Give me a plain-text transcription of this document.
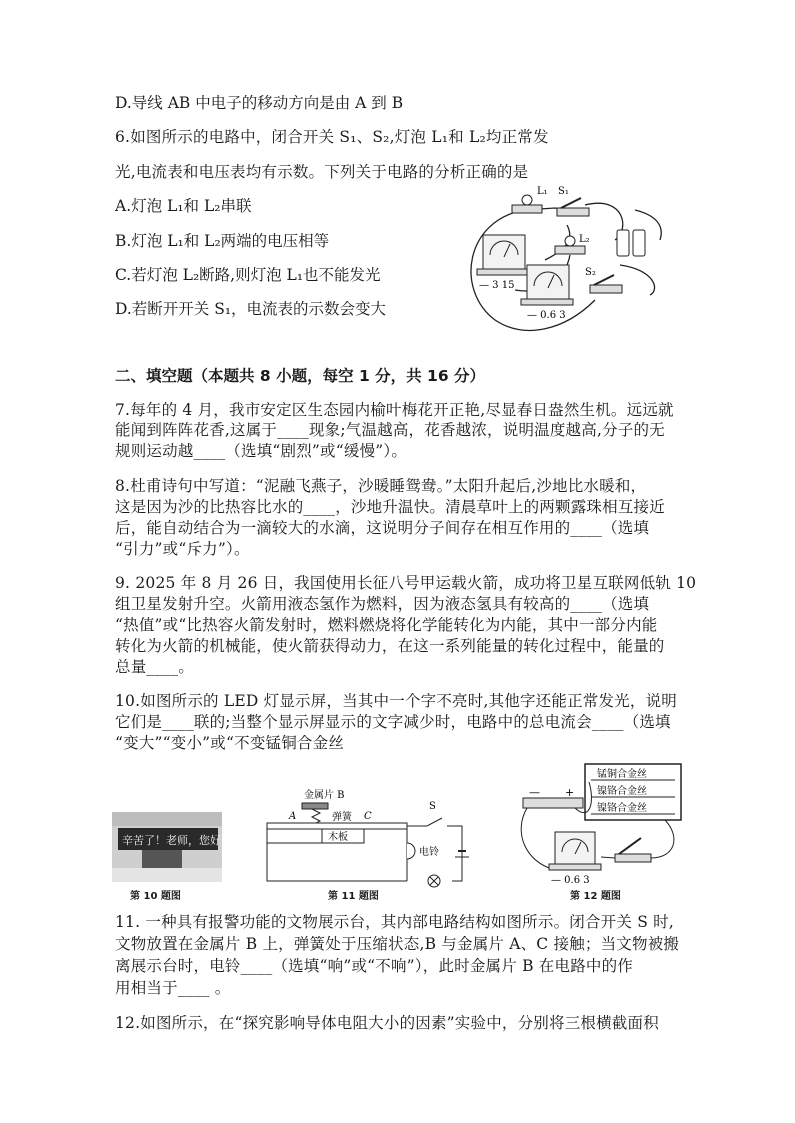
D.导线 AB 中电子的移动方向是由 A 到 B
6.如图所示的电路中，闭合开关 S₁、S₂,灯泡 L₁和 L₂均正常发
光,电流表和电压表均有示数。下列关于电路的分析正确的是
A.灯泡 L₁和 L₂串联
B.灯泡 L₁和 L₂两端的电压相等
C.若灯泡 L₂断路,则灯泡 L₁也不能发光
D.若断开开关 S₁，电流表的示数会变大
L₁ S₁
— 3 15
L₂
— 0.6 3
S₂
二、填空题（本题共 8 小题，每空 1 分，共 16 分）
7.每年的 4 月，我市安定区生态园内榆叶梅花开正艳,尽显春日盎然生机。远远就
能闻到阵阵花香,这属于____现象;气温越高，花香越浓，说明温度越高,分子的无
规则运动越____（选填“剧烈”或“缓慢”）。
8.杜甫诗句中写道：“泥融飞燕子，沙暖睡鸳鸯。”太阳升起后,沙地比水暖和，
这是因为沙的比热容比水的____，沙地升温快。清晨草叶上的两颗露珠相互接近
后，能自动结合为一滴较大的水滴，这说明分子间存在相互作用的____（选填
“引力”或“斥力”）。
9. 2025 年 8 月 26 日，我国使用长征八号甲运载火箭，成功将卫星互联网低轨 10
组卫星发射升空。火箭用液态氢作为燃料，因为液态氢具有较高的____（选填
“热值”或“比热容火箭发射时，燃料燃烧将化学能转化为内能，其中一部分内能
转化为火箭的机械能，使火箭获得动力，在这一系列能量的转化过程中，能量的
总量____。
10.如图所示的 LED 灯显示屏，当其中一个字不亮时,其他字还能正常发光，说明
它们是____联的;当整个显示屏显示的文字减少时，电路中的总电流会____（选填
“变大”“变小”或“不变锰铜合金丝
辛苦了！老师，您好
第 10 题图
金属片 B
弹簧
A	C
木板
S
电铃
第 11 题图
锰铜合金丝
镍铬合金丝
镍铬合金丝
— +
— 0.6 3
第 12 题图
11. 一种具有报警功能的文物展示台，其内部电路结构如图所示。闭合开关 S 时,
文物放置在金属片 B 上，弹簧处于压缩状态,B 与金属片 A、C 接触；当文物被搬
离展示台时，电铃____（选填“响”或“不响”），此时金属片 B 在电路中的作
用相当于____ 。
12.如图所示，在“探究影响导体电阻大小的因素”实验中，分别将三根横截面积
